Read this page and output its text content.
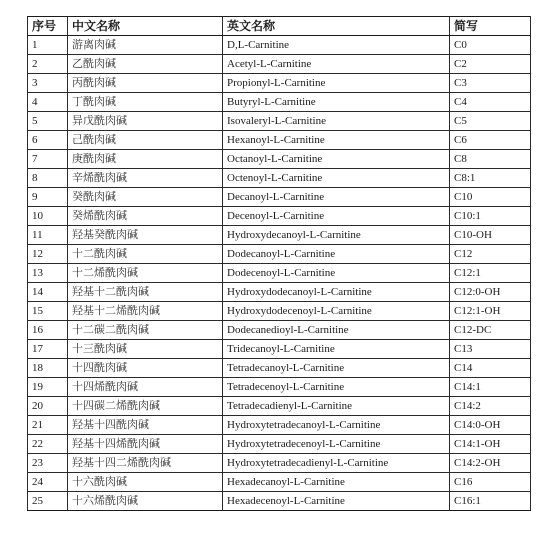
序号	中文名称	英文名称	简写
1	游离肉碱	D,L-Carnitine	C0
2	乙酰肉碱	Acetyl-L-Carnitine	C2
3	丙酰肉碱	Propionyl-L-Carnitine	C3
4	丁酰肉碱	Butyryl-L-Carnitine	C4
5	异戊酰肉碱	Isovaleryl-L-Carnitine	C5
6	己酰肉碱	Hexanoyl-L-Carnitine	C6
7	庚酰肉碱	Octanoyl-L-Carnitine	C8
8	辛烯酰肉碱	Octenoyl-L-Carnitine	C8:1
9	癸酰肉碱	Decanoyl-L-Carnitine	C10
10	癸烯酰肉碱	Decenoyl-L-Carnitine	C10:1
11	羟基癸酰肉碱	Hydroxydecanoyl-L-Carnitine	C10-OH
12	十二酰肉碱	Dodecanoyl-L-Carnitine	C12
13	十二烯酰肉碱	Dodecenoyl-L-Carnitine	C12:1
14	羟基十二酰肉碱	Hydroxydodecanoyl-L-Carnitine	C12:0-OH
15	羟基十二烯酰肉碱	Hydroxydodecenoyl-L-Carnitine	C12:1-OH
16	十二碳二酰肉碱	Dodecanedioyl-L-Carnitine	C12-DC
17	十三酰肉碱	Tridecanoyl-L-Carnitine	C13
18	十四酰肉碱	Tetradecanoyl-L-Carnitine	C14
19	十四烯酰肉碱	Tetradecenoyl-L-Carnitine	C14:1
20	十四碳二烯酰肉碱	Tetradecadienyl-L-Carnitine	C14:2
21	羟基十四酰肉碱	Hydroxytetradecanoyl-L-Carnitine	C14:0-OH
22	羟基十四烯酰肉碱	Hydroxytetradecenoyl-L-Carnitine	C14:1-OH
23	羟基十四二烯酰肉碱	Hydroxytetradecadienyl-L-Carnitine	C14:2-OH
24	十六酰肉碱	Hexadecanoyl-L-Carnitine	C16
25	十六烯酰肉碱	Hexadecenoyl-L-Carnitine	C16:1
